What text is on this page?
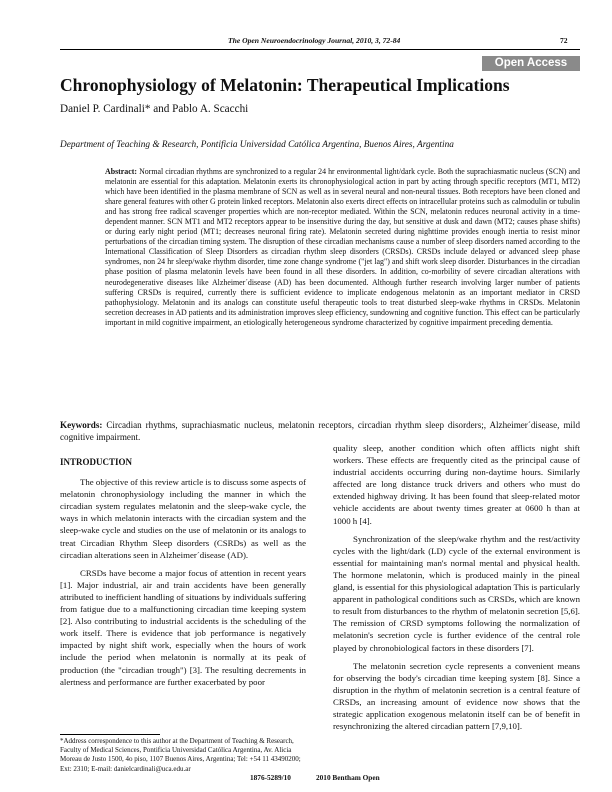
The Open Neuroendocrinology Journal, 2010, 3, 72-84	72
Open Access
Chronophysiology of Melatonin: Therapeutical Implications
Daniel P. Cardinali* and Pablo A. Scacchi
Department of Teaching & Research, Pontificia Universidad Católica Argentina, Buenos Aires, Argentina
Abstract: Normal circadian rhythms are synchronized to a regular 24 hr environmental light/dark cycle. Both the suprachiasmatic nucleus (SCN) and melatonin are essential for this adaptation. Melatonin exerts its chronophysiological action in part by acting through specific receptors (MT1, MT2) which have been identified in the plasma membrane of SCN as well as in several neural and non-neural tissues. Both receptors have been cloned and share general features with other G protein linked receptors. Melatonin also exerts direct effects on intracellular proteins such as calmodulin or tubulin and has strong free radical scavenger properties which are non-receptor mediated. Within the SCN, melatonin reduces neuronal activity in a time-dependent manner. SCN MT1 and MT2 receptors appear to be insensitive during the day, but sensitive at dusk and dawn (MT2; causes phase shifts) or during early night period (MT1; decreases neuronal firing rate). Melatonin secreted during nighttime provides enough inertia to resist minor perturbations of the circadian timing system. The disruption of these circadian mechanisms cause a number of sleep disorders named according to the International Classification of Sleep Disorders as circadian rhythm sleep disorders (CRSDs). CRSDs include delayed or advanced sleep phase syndromes, non 24 hr sleep/wake rhythm disorder, time zone change syndrome ("jet lag") and shift work sleep disorder. Disturbances in the circadian phase position of plasma melatonin levels have been found in all these disorders. In addition, co-morbility of severe circadian alterations with neurodegenerative diseases like Alzheimer´disease (AD) has been documented. Although further research involving larger number of patients suffering CRSDs is required, currently there is sufficient evidence to implicate endogenous melatonin as an important mediator in CRSD pathophysiology. Melatonin and its analogs can constitute useful therapeutic tools to treat disturbed sleep-wake rhythms in CRSDs. Melatonin secretion decreases in AD patients and its administration improves sleep efficiency, sundowning and cognitive function. This effect can be particularly important in mild cognitive impairment, an etiologically heterogeneous syndrome characterized by cognitive impairment preceding dementia.
Keywords: Circadian rhythms, suprachiasmatic nucleus, melatonin receptors, circadian rhythm sleep disorders;, Alzheimer´disease, mild cognitive impairment.
INTRODUCTION

The objective of this review article is to discuss some aspects of melatonin chronophysiology including the manner in which the circadian system regulates melatonin and the sleep-wake cycle, the ways in which melatonin interacts with the circadian system and the sleep-wake cycle and studies on the use of melatonin or its analogs to treat Circadian Rhythm Sleep disorders (CSRDs) as well as the circadian alterations seen in Alzheimer´disease (AD).

CRSDs have become a major focus of attention in recent years [1]. Major industrial, air and train accidents have been generally attributed to inefficient handling of situations by individuals suffering from fatigue due to a malfunctioning circadian time keeping system [2]. Also contributing to industrial accidents is the scheduling of the work itself. There is evidence that job performance is negatively impacted by night shift work, especially when the hours of work include the period when melatonin is normally at its peak of production (the "circadian trough") [3]. The resulting decrements in alertness and performance are further exacerbated by poor

quality sleep, another condition which often afflicts night shift workers. These effects are frequently cited as the principal cause of industrial accidents occurring during non-daytime hours. Similarly affected are long distance truck drivers and others who must do extended highway driving. It has been found that sleep-related motor vehicle accidents are about twenty times greater at 0600 h than at 1000 h [4].

Synchronization of the sleep/wake rhythm and the rest/activity cycles with the light/dark (LD) cycle of the external environment is essential for maintaining man's normal mental and physical health. The hormone melatonin, which is produced mainly in the pineal gland, is essential for this physiological adaptation This is particularly apparent in pathological conditions such as CRSDs, which are known to result from disturbances to the rhythm of melatonin secretion [5,6]. The remission of CRSD symptoms following the normalization of melatonin's secretion cycle is further evidence of the central role played by chronobiological factors in these disorders [7].

The melatonin secretion cycle represents a convenient means for observing the body's circadian time keeping system [8]. Since a disruption in the rhythm of melatonin secretion is a central feature of CRSDs, an increasing amount of evidence now shows that the strategic application exogenous melatonin itself can be of benefit in resynchronizing the altered circadian pattern [7,9,10].

*Address correspondence to this author at the Department of Teaching & Research, Faculty of Medical Sciences, Pontificia Universidad Católica Argentina, Av. Alicia Moreau de Justo 1500, 4o piso, 1107 Buenos Aires, Argentina; Tel: +54 11 43490200; Ext: 2310; E-mail: danielcardinali@uca.edu.ar
1876-5289/10	2010 Bentham Open
